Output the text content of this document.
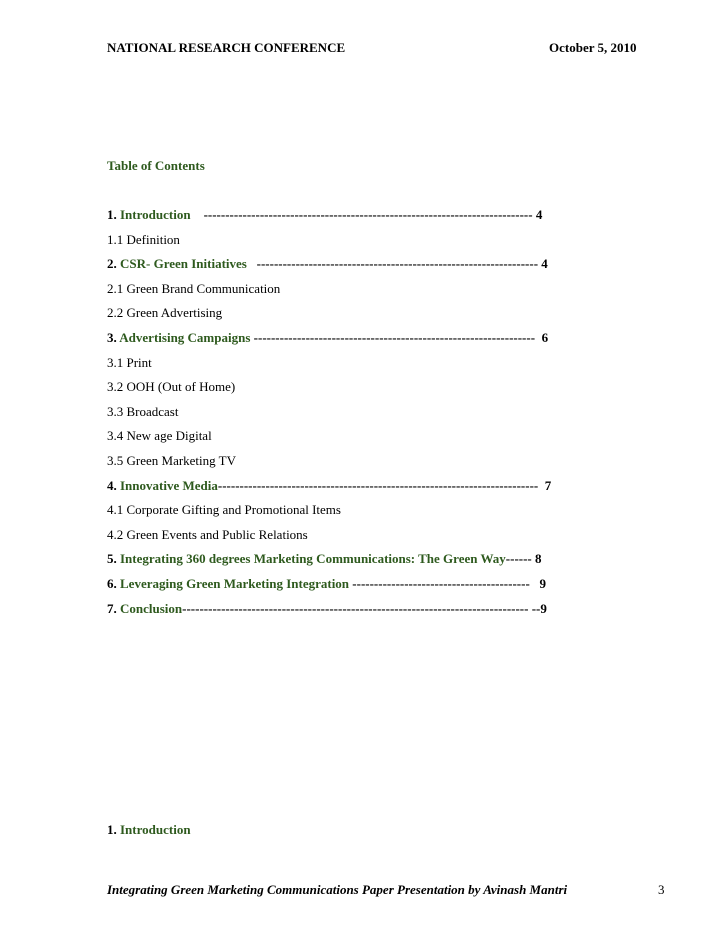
NATIONAL RESEARCH CONFERENCE	October 5, 2010
Table of Contents
1. Introduction    ---------------------------------------------------------------------------- 4
1.1 Definition
2. CSR- Green Initiatives   ----------------------------------------------------------------- 4
2.1 Green Brand Communication
2.2 Green Advertising
3. Advertising Campaigns -----------------------------------------------------------------  6
3.1 Print
3.2 OOH (Out of Home)
3.3 Broadcast
3.4 New age Digital
3.5 Green Marketing TV
4. Innovative Media--------------------------------------------------------------------------  7
4.1 Corporate Gifting and Promotional Items
4.2 Green Events and Public Relations
5. Integrating 360 degrees Marketing Communications: The Green Way------ 8
6. Leveraging Green Marketing Integration -----------------------------------------   9
7. Conclusion-------------------------------------------------------------------------------- --9
1. Introduction
Integrating Green Marketing Communications Paper Presentation by Avinash Mantri	3
